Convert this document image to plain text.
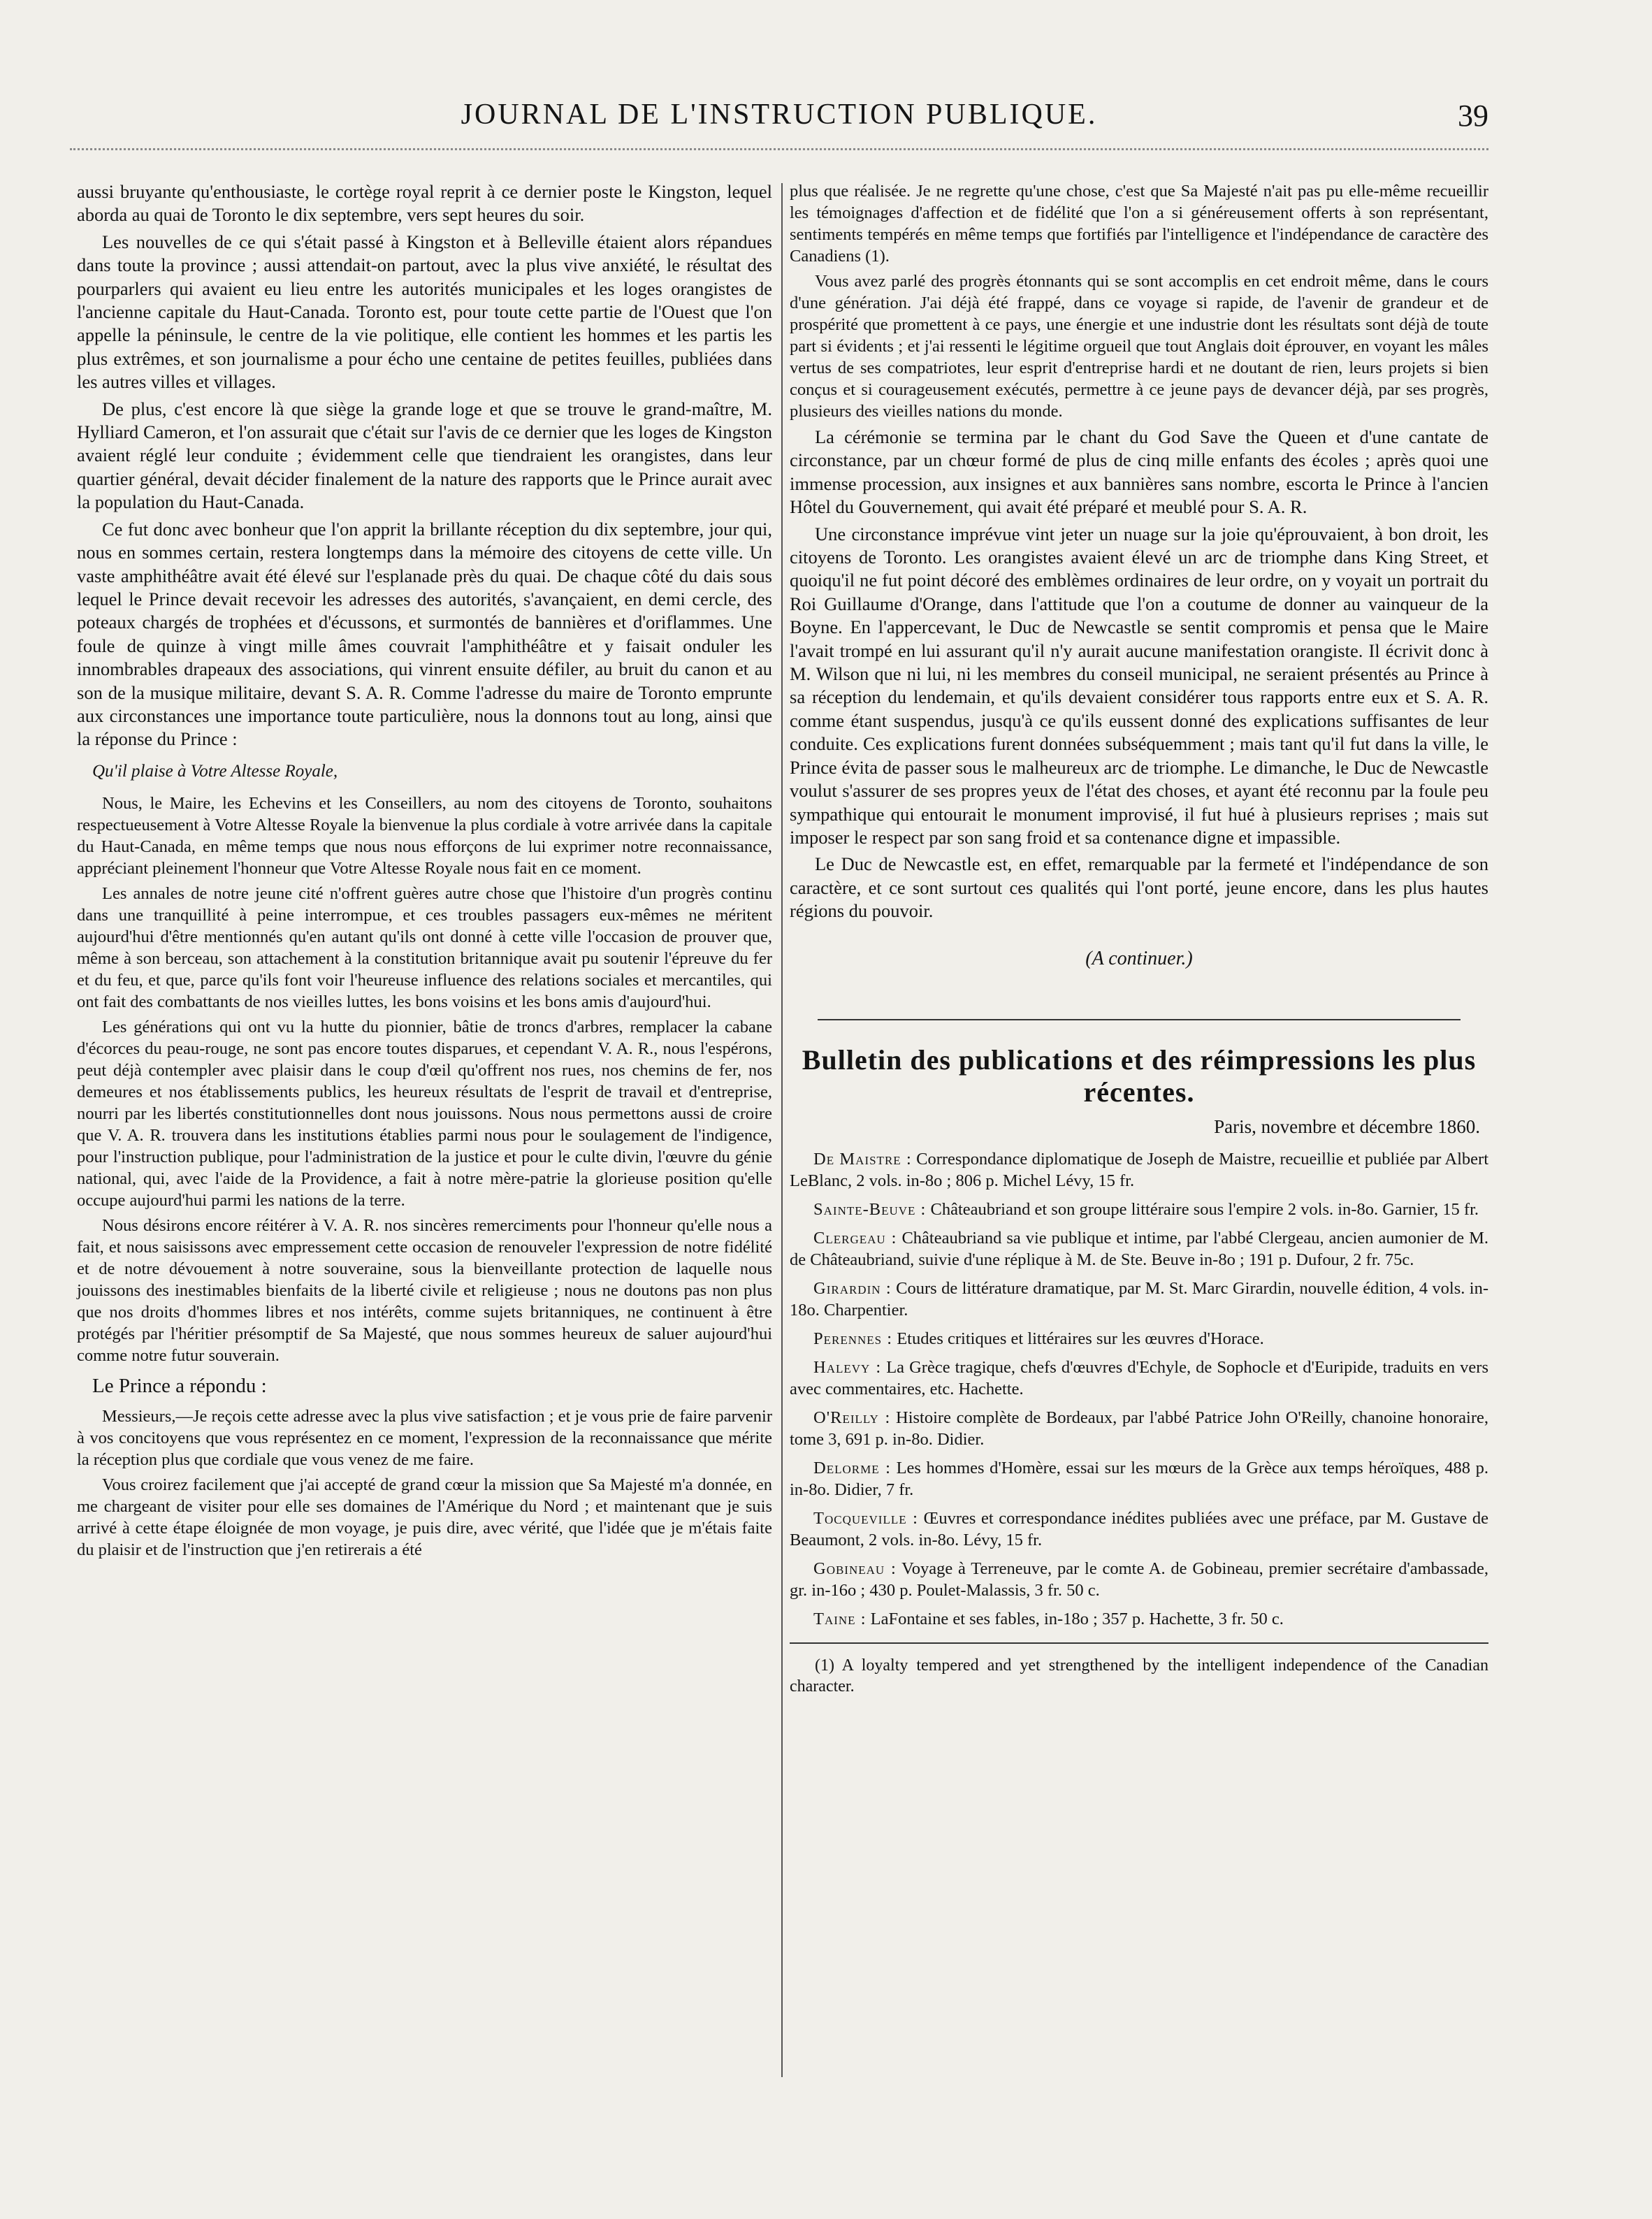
JOURNAL DE L'INSTRUCTION PUBLIQUE.	39

aussi bruyante qu'enthousiaste, le cortège royal reprit à ce dernier poste le Kingston, lequel aborda au quai de Toronto le dix septembre, vers sept heures du soir.

Les nouvelles de ce qui s'était passé à Kingston et à Belleville étaient alors répandues dans toute la province ; aussi attendait-on partout, avec la plus vive anxiété, le résultat des pourparlers qui avaient eu lieu entre les autorités municipales et les loges orangistes de l'ancienne capitale du Haut-Canada. Toronto est, pour toute cette partie de l'Ouest que l'on appelle la péninsule, le centre de la vie politique, elle contient les hommes et les partis les plus extrêmes, et son journalisme a pour écho une centaine de petites feuilles, publiées dans les autres villes et villages.

De plus, c'est encore là que siège la grande loge et que se trouve le grand-maître, M. Hylliard Cameron, et l'on assurait que c'était sur l'avis de ce dernier que les loges de Kingston avaient réglé leur conduite ; évidemment celle que tiendraient les orangistes, dans leur quartier général, devait décider finalement de la nature des rapports que le Prince aurait avec la population du Haut-Canada.

Ce fut donc avec bonheur que l'on apprit la brillante réception du dix septembre, jour qui, nous en sommes certain, restera longtemps dans la mémoire des citoyens de cette ville. Un vaste amphithéâtre avait été élevé sur l'esplanade près du quai. De chaque côté du dais sous lequel le Prince devait recevoir les adresses des autorités, s'avançaient, en demi cercle, des poteaux chargés de trophées et d'écussons, et surmontés de bannières et d'oriflammes. Une foule de quinze à vingt mille âmes couvrait l'amphithéâtre et y faisait onduler les innombrables drapeaux des associations, qui vinrent ensuite défiler, au bruit du canon et au son de la musique militaire, devant S. A. R. Comme l'adresse du maire de Toronto emprunte aux circonstances une importance toute particulière, nous la donnons tout au long, ainsi que la réponse du Prince :

Qu'il plaise à Votre Altesse Royale,

Nous, le Maire, les Echevins et les Conseillers, au nom des citoyens de Toronto, souhaitons respectueusement à Votre Altesse Royale la bienvenue la plus cordiale à votre arrivée dans la capitale du Haut-Canada, en même temps que nous nous efforçons de lui exprimer notre reconnaissance, appréciant pleinement l'honneur que Votre Altesse Royale nous fait en ce moment.

Les annales de notre jeune cité n'offrent guères autre chose que l'histoire d'un progrès continu dans une tranquillité à peine interrompue, et ces troubles passagers eux-mêmes ne méritent aujourd'hui d'être mentionnés qu'en autant qu'ils ont donné à cette ville l'occasion de prouver que, même à son berceau, son attachement à la constitution britannique avait pu soutenir l'épreuve du fer et du feu, et que, parce qu'ils font voir l'heureuse influence des relations sociales et mercantiles, qui ont fait des combattants de nos vieilles luttes, les bons voisins et les bons amis d'aujourd'hui.

Les générations qui ont vu la hutte du pionnier, bâtie de troncs d'arbres, remplacer la cabane d'écorces du peau-rouge, ne sont pas encore toutes disparues, et cependant V. A. R., nous l'espérons, peut déjà contempler avec plaisir dans le coup d'œil qu'offrent nos rues, nos chemins de fer, nos demeures et nos établissements publics, les heureux résultats de l'esprit de travail et d'entreprise, nourri par les libertés constitutionnelles dont nous jouissons. Nous nous permettons aussi de croire que V. A. R. trouvera dans les institutions établies parmi nous pour le soulagement de l'indigence, pour l'instruction publique, pour l'administration de la justice et pour le culte divin, l'œuvre du génie national, qui, avec l'aide de la Providence, a fait à notre mère-patrie la glorieuse position qu'elle occupe aujourd'hui parmi les nations de la terre.

Nous désirons encore réitérer à V. A. R. nos sincères remerciments pour l'honneur qu'elle nous a fait, et nous saisissons avec empressement cette occasion de renouveler l'expression de notre fidélité et de notre dévouement à notre souveraine, sous la bienveillante protection de laquelle nous jouissons des inestimables bienfaits de la liberté civile et religieuse ; nous ne doutons pas non plus que nos droits d'hommes libres et nos intérêts, comme sujets britanniques, ne continuent à être protégés par l'héritier présomptif de Sa Majesté, que nous sommes heureux de saluer aujourd'hui comme notre futur souverain.

Le Prince a répondu :

Messieurs,—Je reçois cette adresse avec la plus vive satisfaction ; et je vous prie de faire parvenir à vos concitoyens que vous représentez en ce moment, l'expression de la reconnaissance que mérite la réception plus que cordiale que vous venez de me faire.

Vous croirez facilement que j'ai accepté de grand cœur la mission que Sa Majesté m'a donnée, en me chargeant de visiter pour elle ses domaines de l'Amérique du Nord ; et maintenant que je suis arrivé à cette étape éloignée de mon voyage, je puis dire, avec vérité, que l'idée que je m'étais faite du plaisir et de l'instruction que j'en retirerais a été

plus que réalisée. Je ne regrette qu'une chose, c'est que Sa Majesté n'ait pas pu elle-même recueillir les témoignages d'affection et de fidélité que l'on a si généreusement offerts à son représentant, sentiments tempérés en même temps que fortifiés par l'intelligence et l'indépendance de caractère des Canadiens (1).

Vous avez parlé des progrès étonnants qui se sont accomplis en cet endroit même, dans le cours d'une génération. J'ai déjà été frappé, dans ce voyage si rapide, de l'avenir de grandeur et de prospérité que promettent à ce pays, une énergie et une industrie dont les résultats sont déjà de toute part si évidents ; et j'ai ressenti le légitime orgueil que tout Anglais doit éprouver, en voyant les mâles vertus de ses compatriotes, leur esprit d'entreprise hardi et ne doutant de rien, leurs projets si bien conçus et si courageusement exécutés, permettre à ce jeune pays de devancer déjà, par ses progrès, plusieurs des vieilles nations du monde.

La cérémonie se termina par le chant du God Save the Queen et d'une cantate de circonstance, par un chœur formé de plus de cinq mille enfants des écoles ; après quoi une immense procession, aux insignes et aux bannières sans nombre, escorta le Prince à l'ancien Hôtel du Gouvernement, qui avait été préparé et meublé pour S. A. R.

Une circonstance imprévue vint jeter un nuage sur la joie qu'éprouvaient, à bon droit, les citoyens de Toronto. Les orangistes avaient élevé un arc de triomphe dans King Street, et quoiqu'il ne fut point décoré des emblèmes ordinaires de leur ordre, on y voyait un portrait du Roi Guillaume d'Orange, dans l'attitude que l'on a coutume de donner au vainqueur de la Boyne. En l'appercevant, le Duc de Newcastle se sentit compromis et pensa que le Maire l'avait trompé en lui assurant qu'il n'y aurait aucune manifestation orangiste. Il écrivit donc à M. Wilson que ni lui, ni les membres du conseil municipal, ne seraient présentés au Prince à sa réception du lendemain, et qu'ils devaient considérer tous rapports entre eux et S. A. R. comme étant suspendus, jusqu'à ce qu'ils eussent donné des explications suffisantes de leur conduite. Ces explications furent données subséquemment ; mais tant qu'il fut dans la ville, le Prince évita de passer sous le malheureux arc de triomphe. Le dimanche, le Duc de Newcastle voulut s'assurer de ses propres yeux de l'état des choses, et ayant été reconnu par la foule peu sympathique qui entourait le monument improvisé, il fut hué à plusieurs reprises ; mais sut imposer le respect par son sang froid et sa contenance digne et impassible.

Le Duc de Newcastle est, en effet, remarquable par la fermeté et l'indépendance de son caractère, et ce sont surtout ces qualités qui l'ont porté, jeune encore, dans les plus hautes régions du pouvoir.

(A continuer.)

Bulletin des publications et des réimpressions les plus récentes.
Paris, novembre et décembre 1860.

De Maistre : Correspondance diplomatique de Joseph de Maistre, recueillie et publiée par Albert LeBlanc, 2 vols. in-8o ; 806 p. Michel Lévy, 15 fr.

Sainte-Beuve : Châteaubriand et son groupe littéraire sous l'empire 2 vols. in-8o. Garnier, 15 fr.

Clergeau : Châteaubriand sa vie publique et intime, par l'abbé Clergeau, ancien aumonier de M. de Châteaubriand, suivie d'une réplique à M. de Ste. Beuve in-8o ; 191 p. Dufour, 2 fr. 75c.

Girardin : Cours de littérature dramatique, par M. St. Marc Girardin, nouvelle édition, 4 vols. in-18o. Charpentier.

Perennes : Etudes critiques et littéraires sur les œuvres d'Horace.

Halevy : La Grèce tragique, chefs d'œuvres d'Echyle, de Sophocle et d'Euripide, traduits en vers avec commentaires, etc. Hachette.

O'Reilly : Histoire complète de Bordeaux, par l'abbé Patrice John O'Reilly, chanoine honoraire, tome 3, 691 p. in-8o. Didier.

Delorme : Les hommes d'Homère, essai sur les mœurs de la Grèce aux temps héroïques, 488 p. in-8o. Didier, 7 fr.

Tocqueville : Œuvres et correspondance inédites publiées avec une préface, par M. Gustave de Beaumont, 2 vols. in-8o. Lévy, 15 fr.

Gobineau : Voyage à Terreneuve, par le comte A. de Gobineau, premier secrétaire d'ambassade, gr. in-16o ; 430 p. Poulet-Malassis, 3 fr. 50 c.

Taine : LaFontaine et ses fables, in-18o ; 357 p. Hachette, 3 fr. 50 c.

(1) A loyalty tempered and yet strengthened by the intelligent independence of the Canadian character.
